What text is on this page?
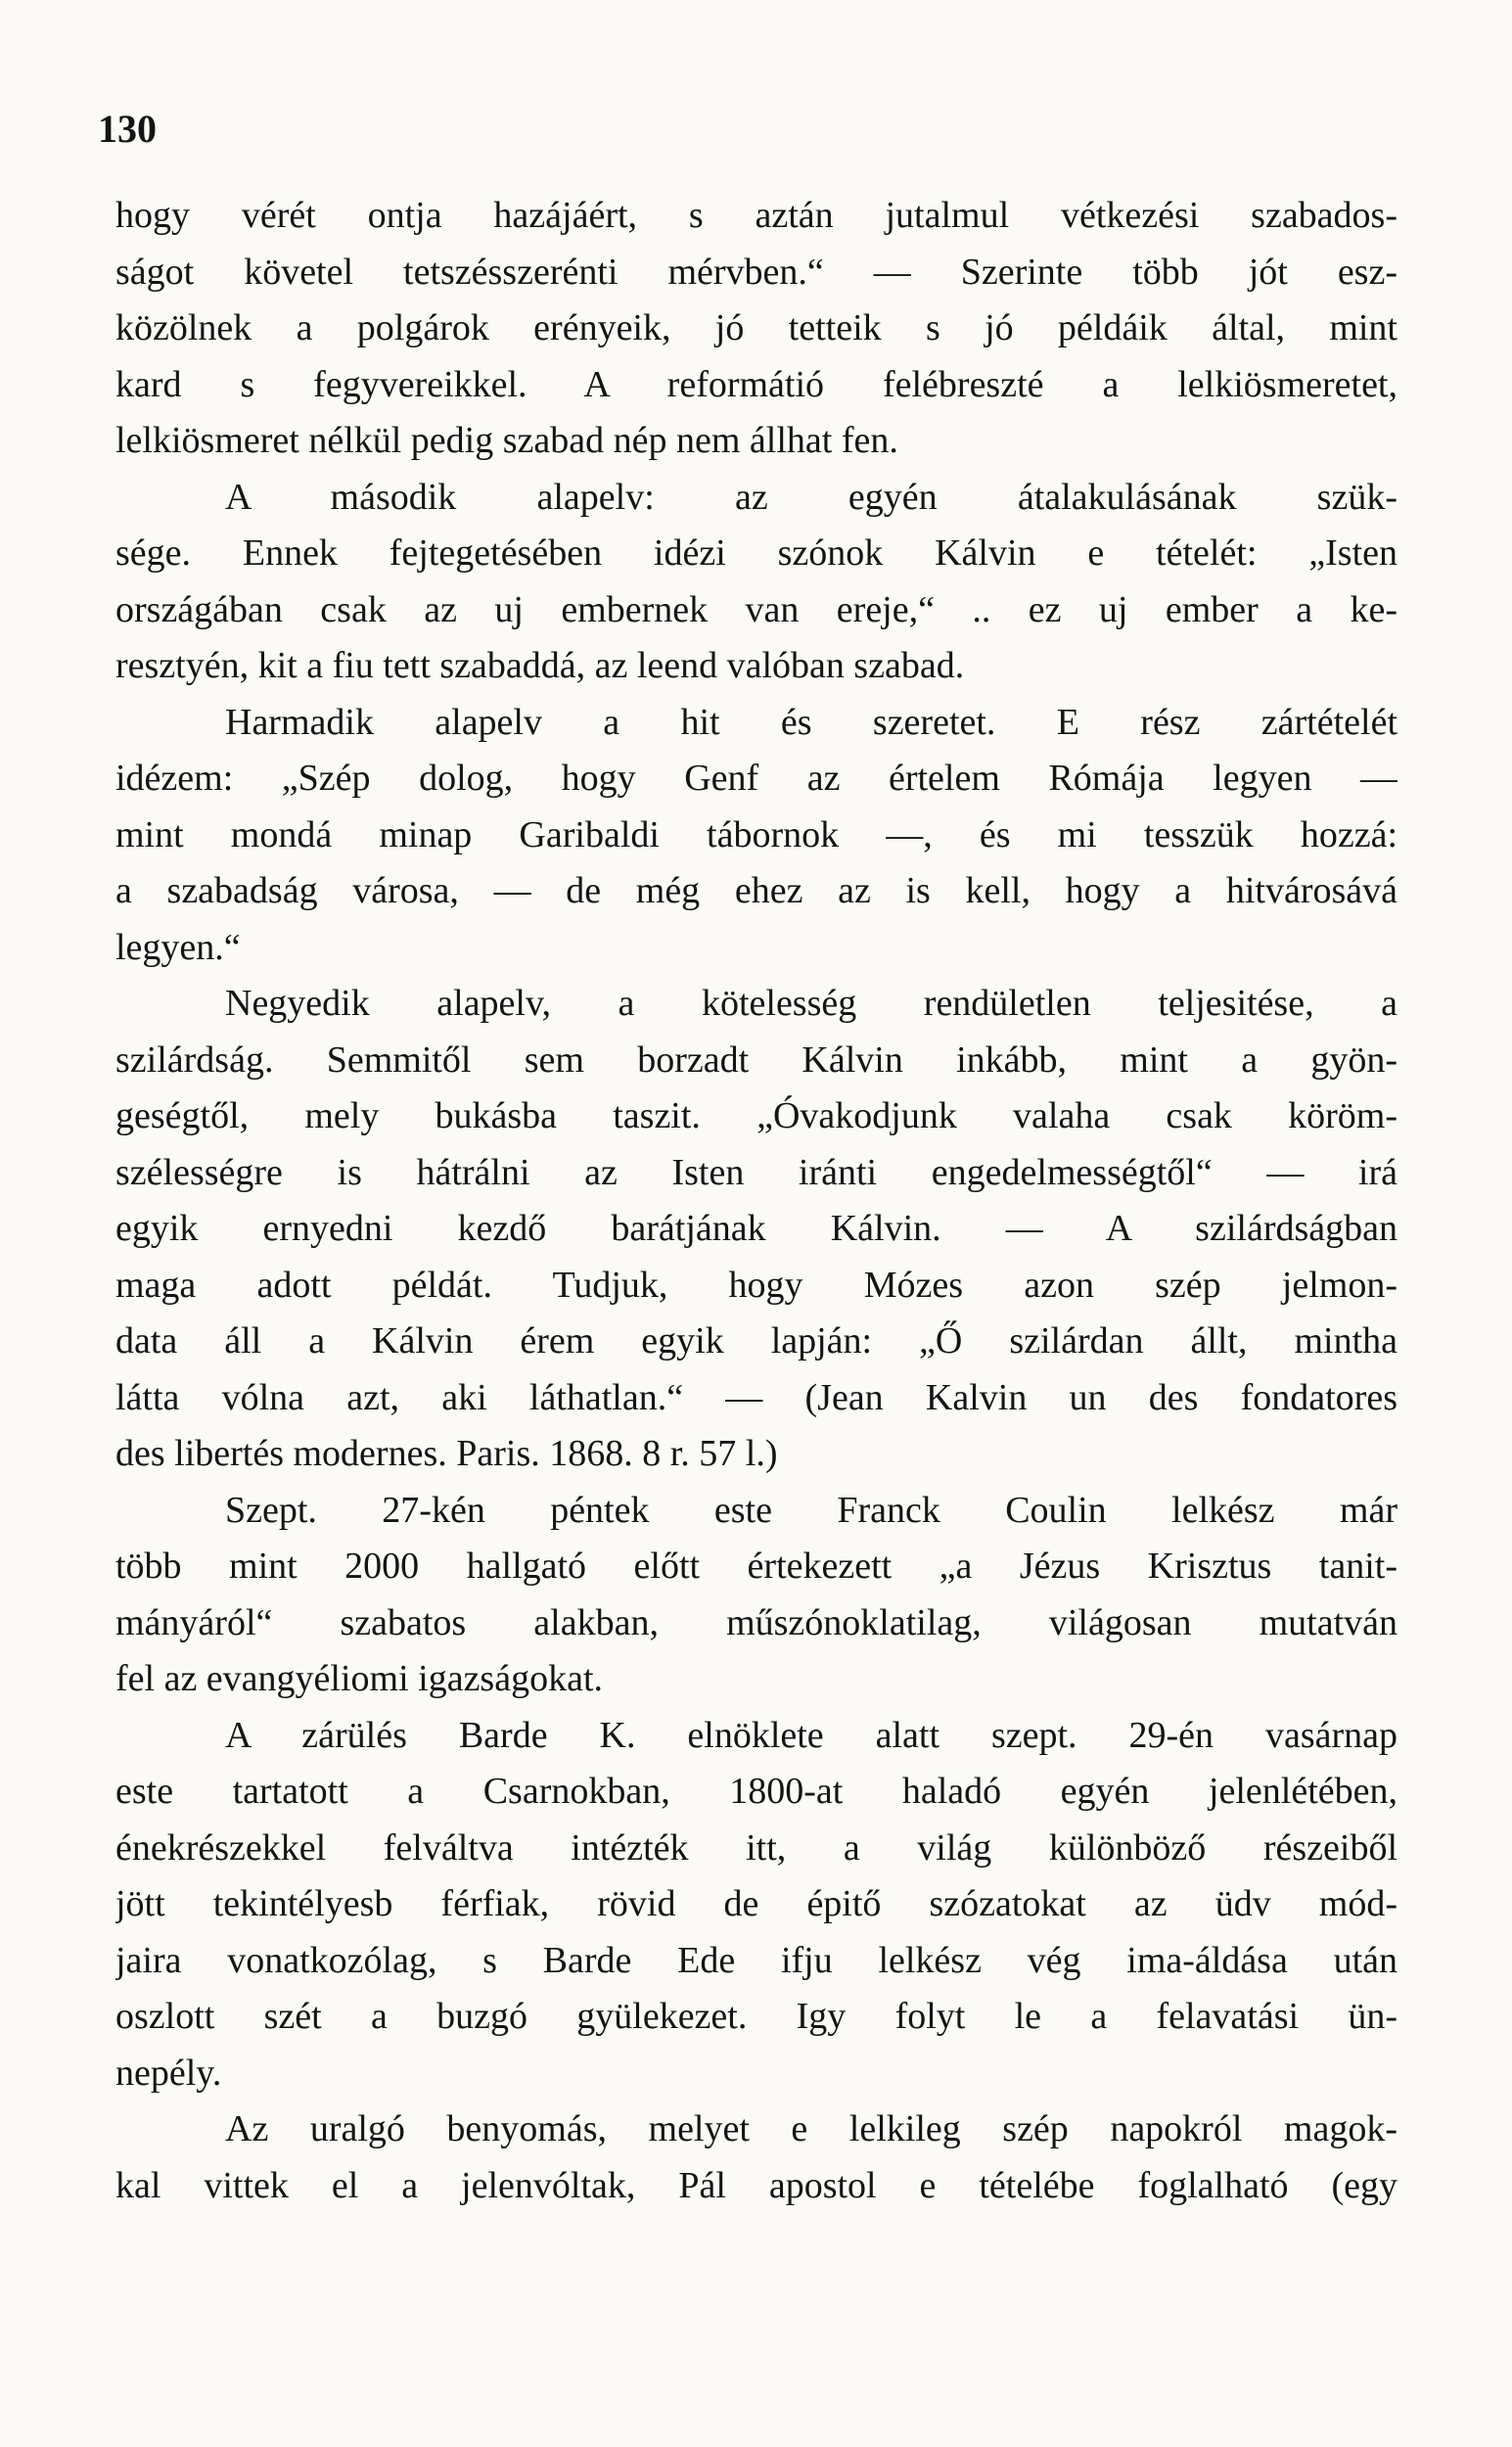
130
hogy vérét ontja hazájáért, s aztán jutalmul vétkezési szabados-
ságot követel tetszésszerénti mérvben.“ — Szerinte több jót esz-
közölnek a polgárok erényeik, jó tetteik s jó példáik által, mint
kard s fegyvereikkel. A reformátió felébreszté a lelkiösmeretet,
lelkiösmeret nélkül pedig szabad nép nem állhat fen.
A második alapelv: az egyén átalakulásának szük-
sége. Ennek fejtegetésében idézi szónok Kálvin e tételét: „Isten
országában csak az uj embernek van ereje,“ .. ez uj ember a ke-
resztyén, kit a fiu tett szabaddá, az leend valóban szabad.
Harmadik alapelv a hit és szeretet. E rész zártételét
idézem: „Szép dolog, hogy Genf az értelem Rómája legyen —
mint mondá minap Garibaldi tábornok —, és mi tesszük hozzá:
a szabadság városa, — de még ehez az is kell, hogy a hitvárosává
legyen.“
Negyedik alapelv, a kötelesség rendületlen teljesitése, a
szilárdság. Semmitől sem borzadt Kálvin inkább, mint a gyön-
geségtől, mely bukásba taszit. „Óvakodjunk valaha csak köröm-
szélességre is hátrálni az Isten iránti engedelmességtől“ — irá
egyik ernyedni kezdő barátjának Kálvin. — A szilárdságban
maga adott példát. Tudjuk, hogy Mózes azon szép jelmon-
data áll a Kálvin érem egyik lapján: „Ő szilárdan állt, mintha
látta vólna azt, aki láthatlan.“ — (Jean Kalvin un des fondatores
des libertés modernes. Paris. 1868. 8 r. 57 l.)
Szept. 27-kén péntek este Franck Coulin lelkész már
több mint 2000 hallgató előtt értekezett „a Jézus Krisztus tanit-
mányáról“ szabatos alakban, műszónoklatilag, világosan mutatván
fel az evangyéliomi igazságokat.
A zárülés Barde K. elnöklete alatt szept. 29-én vasárnap
este tartatott a Csarnokban, 1800-at haladó egyén jelenlétében,
énekrészekkel felváltva intézték itt, a világ különböző részeiből
jött tekintélyesb férfiak, rövid de épitő szózatokat az üdv mód-
jaira vonatkozólag, s Barde Ede ifju lelkész vég ima-áldása után
oszlott szét a buzgó gyülekezet. Igy folyt le a felavatási ün-
nepély.
Az uralgó benyomás, melyet e lelkileg szép napokról magok-
kal vittek el a jelenvóltak, Pál apostol e tételébe foglalható (egy
